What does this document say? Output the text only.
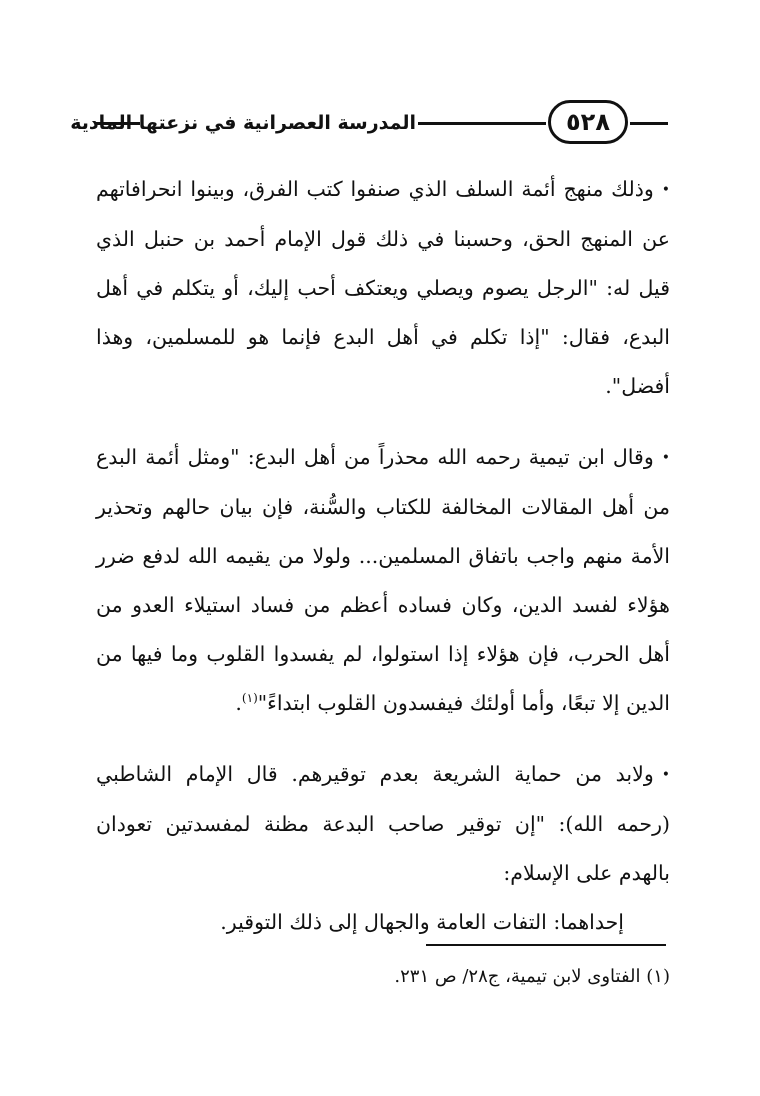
المدرسة العصرانية في نزعتها المادية	٥٢٨

•وذلك منهج أئمة السلف الذي صنفوا كتب الفرق، وبينوا انحرافاتهم عن المنهج الحق، وحسبنا في ذلك قول الإمام أحمد بن حنبل الذي قيل له: "الرجل يصوم ويصلي ويعتكف أحب إليك، أو يتكلم في أهل البدع، فقال: "إذا تكلم في أهل البدع فإنما هو للمسلمين، وهذا أفضل".

•وقال ابن تيمية رحمه الله محذراً من أهل البدع: "ومثل أئمة البدع من أهل المقالات المخالفة للكتاب والسُّنة، فإن بيان حالهم وتحذير الأمة منهم واجب باتفاق المسلمين... ولولا من يقيمه الله لدفع ضرر هؤلاء لفسد الدين، وكان فساده أعظم من فساد استيلاء العدو من أهل الحرب، فإن هؤلاء إذا استولوا، لم يفسدوا القلوب وما فيها من الدين إلا تبعًا، وأما أولئك فيفسدون القلوب ابتداءً"$^{(١)}$.

•ولابد من حماية الشريعة بعدم توقيرهم. قال الإمام الشاطبي (رحمه الله): "إن توقير صاحب البدعة مظنة لمفسدتين تعودان بالهدم على الإسلام:

إحداهما: التفات العامة والجهال إلى ذلك التوقير.

(١) الفتاوى لابن تيمية، ج٢٨/ ص ٢٣١.
